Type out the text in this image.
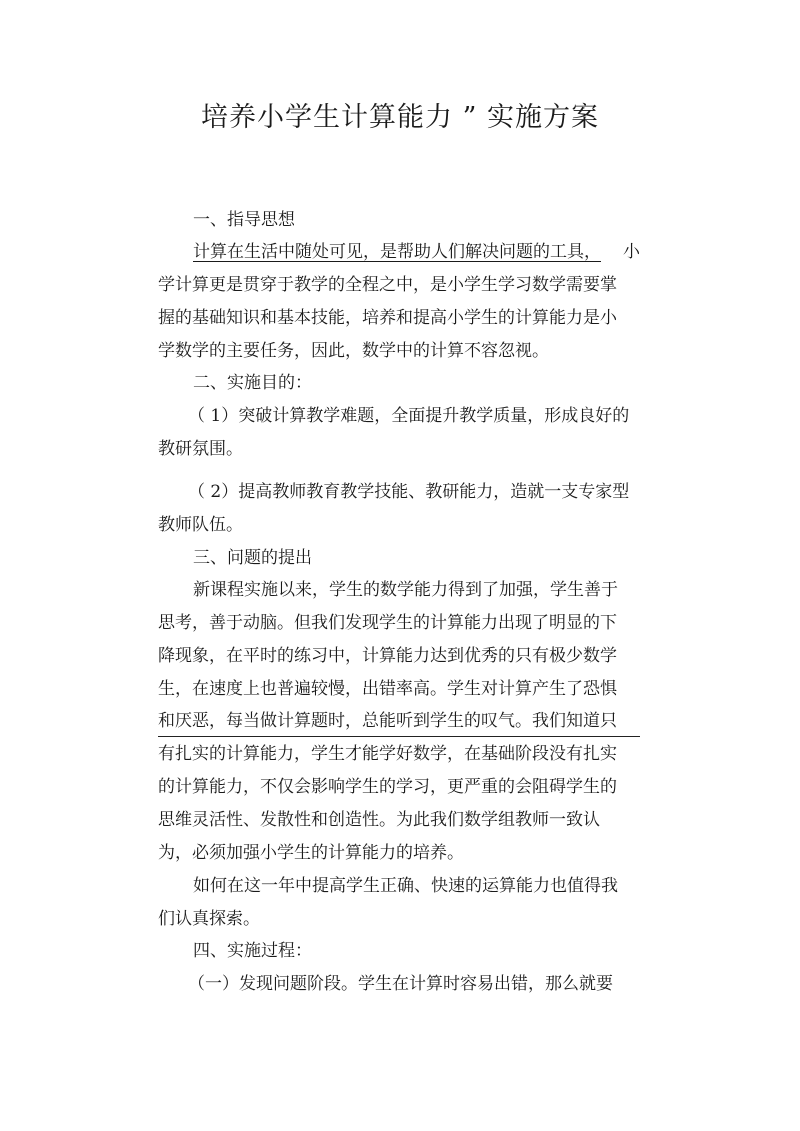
培养小学生计算能力 ” 实施方案
一、指导思想
计算在生活中随处可见，是帮助人们解决问题的工具， 小
学计算更是贯穿于教学的全程之中，是小学生学习数学需要掌
握的基础知识和基本技能，培养和提高小学生的计算能力是小
学数学的主要任务，因此，数学中的计算不容忽视。
二、实施目的：
（ 1）突破计算教学难题，全面提升教学质量，形成良好的
教研氛围。
（ 2）提高教师教育教学技能、教研能力，造就一支专家型
教师队伍。
三、问题的提出
新课程实施以来，学生的数学能力得到了加强，学生善于
思考，善于动脑。但我们发现学生的计算能力出现了明显的下
降现象，在平时的练习中，计算能力达到优秀的只有极少数学
生，在速度上也普遍较慢，出错率高。学生对计算产生了恐惧
和厌恶，每当做计算题时，总能听到学生的叹气。我们知道只
有扎实的计算能力，学生才能学好数学，在基础阶段没有扎实
的计算能力，不仅会影响学生的学习，更严重的会阻碍学生的
思维灵活性、发散性和创造性。为此我们数学组教师一致认
为，必须加强小学生的计算能力的培养。
如何在这一年中提高学生正确、快速的运算能力也值得我
们认真探索。
四、实施过程：
（一）发现问题阶段。学生在计算时容易出错，那么就要
